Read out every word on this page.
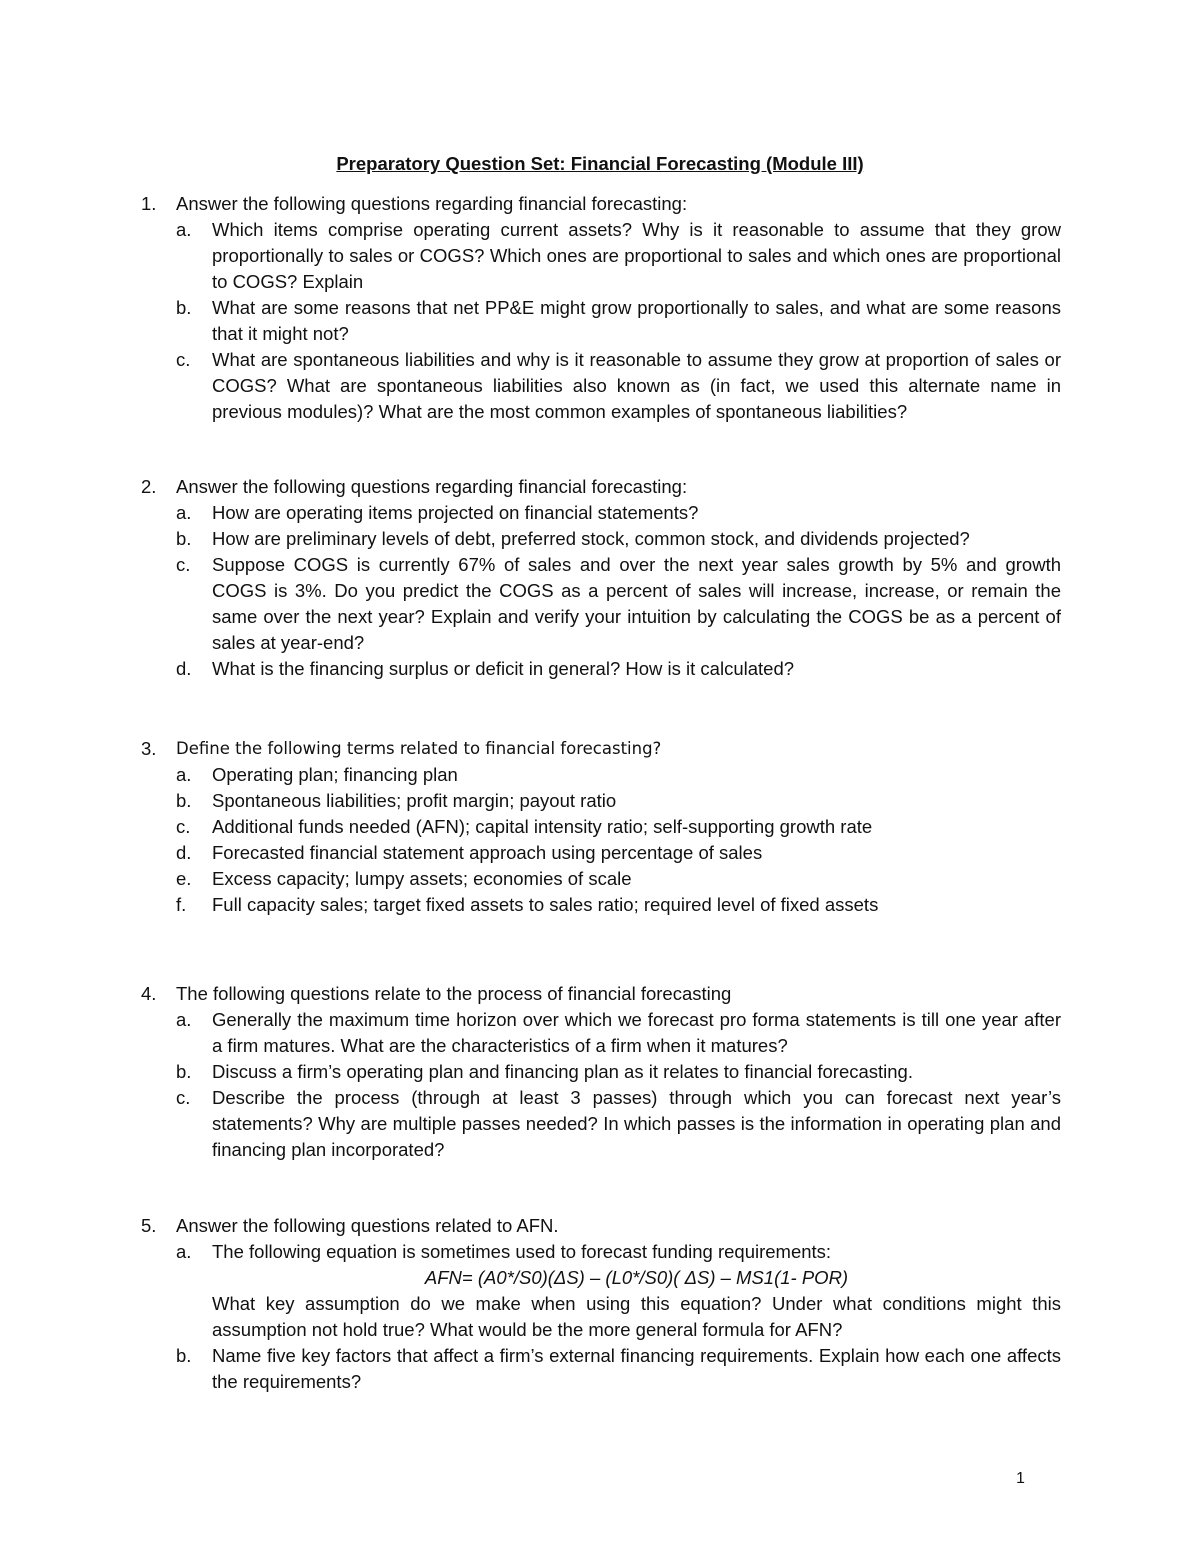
Preparatory Question Set: Financial Forecasting (Module III)
1. Answer the following questions regarding financial forecasting:
a. Which items comprise operating current assets? Why is it reasonable to assume that they grow proportionally to sales or COGS? Which ones are proportional to sales and which ones are proportional to COGS? Explain
b. What are some reasons that net PP&E might grow proportionally to sales, and what are some reasons that it might not?
c. What are spontaneous liabilities and why is it reasonable to assume they grow at proportion of sales or COGS? What are spontaneous liabilities also known as (in fact, we used this alternate name in previous modules)? What are the most common examples of spontaneous liabilities?
2. Answer the following questions regarding financial forecasting:
a. How are operating items projected on financial statements?
b. How are preliminary levels of debt, preferred stock, common stock, and dividends projected?
c. Suppose COGS is currently 67% of sales and over the next year sales growth by 5% and growth COGS is 3%. Do you predict the COGS as a percent of sales will increase, increase, or remain the same over the next year? Explain and verify your intuition by calculating the COGS be as a percent of sales at year-end?
d. What is the financing surplus or deficit in general? How is it calculated?
3. Define the following terms related to financial forecasting?
a. Operating plan; financing plan
b. Spontaneous liabilities; profit margin; payout ratio
c. Additional funds needed (AFN); capital intensity ratio; self-supporting growth rate
d. Forecasted financial statement approach using percentage of sales
e. Excess capacity; lumpy assets; economies of scale
f. Full capacity sales; target fixed assets to sales ratio; required level of fixed assets
4. The following questions relate to the process of financial forecasting
a. Generally the maximum time horizon over which we forecast pro forma statements is till one year after a firm matures. What are the characteristics of a firm when it matures?
b. Discuss a firm’s operating plan and financing plan as it relates to financial forecasting.
c. Describe the process (through at least 3 passes) through which you can forecast next year’s statements? Why are multiple passes needed? In which passes is the information in operating plan and financing plan incorporated?
5. Answer the following questions related to AFN.
a. The following equation is sometimes used to forecast funding requirements:
AFN= (A0*/S0)(ΔS) – (L0*/S0)( ΔS) – MS1(1- POR)
What key assumption do we make when using this equation? Under what conditions might this assumption not hold true? What would be the more general formula for AFN?
b. Name five key factors that affect a firm’s external financing requirements. Explain how each one affects the requirements?
1
